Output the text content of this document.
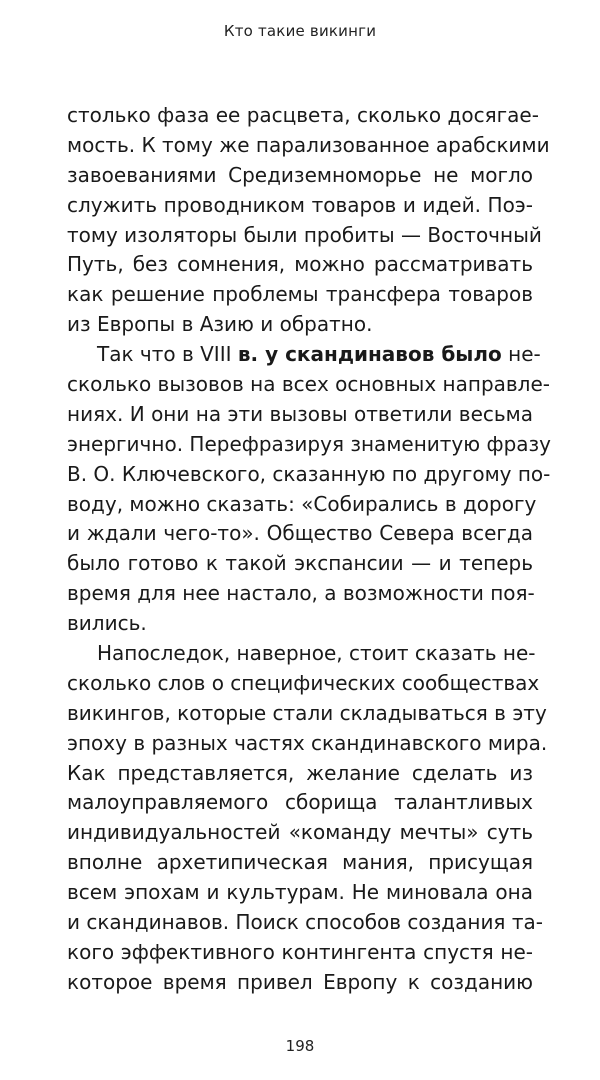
Кто такие викинги
столько фаза ее расцвета, сколько досягае-
мость. К тому же парализованное арабскими
завоеваниями Средиземноморье не могло
служить проводником товаров и идей. Поэ-
тому изоляторы были пробиты — Восточный
Путь, без сомнения, можно рассматривать
как решение проблемы трансфера товаров
из Европы в Азию и обратно.
Так что в VIII в. у скандинавов было не-
сколько вызовов на всех основных направле-
ниях. И они на эти вызовы ответили весьма
энергично. Перефразируя знаменитую фразу
В. О. Ключевского, сказанную по другому по-
воду, можно сказать: «Собирались в дорогу
и ждали чего-то». Общество Севера всегда
было готово к такой экспансии — и теперь
время для нее настало, а возможности поя-
вились.
Напоследок, наверное, стоит сказать не-
сколько слов о специфических сообществах
викингов, которые стали складываться в эту
эпоху в разных частях скандинавского мира.
Как представляется, желание сделать из
малоуправляемого сборища талантливых
индивидуальностей «команду мечты» суть
вполне архетипическая мания, присущая
всем эпохам и культурам. Не миновала она
и скандинавов. Поиск способов создания та-
кого эффективного контингента спустя не-
которое время привел Европу к созданию
198
